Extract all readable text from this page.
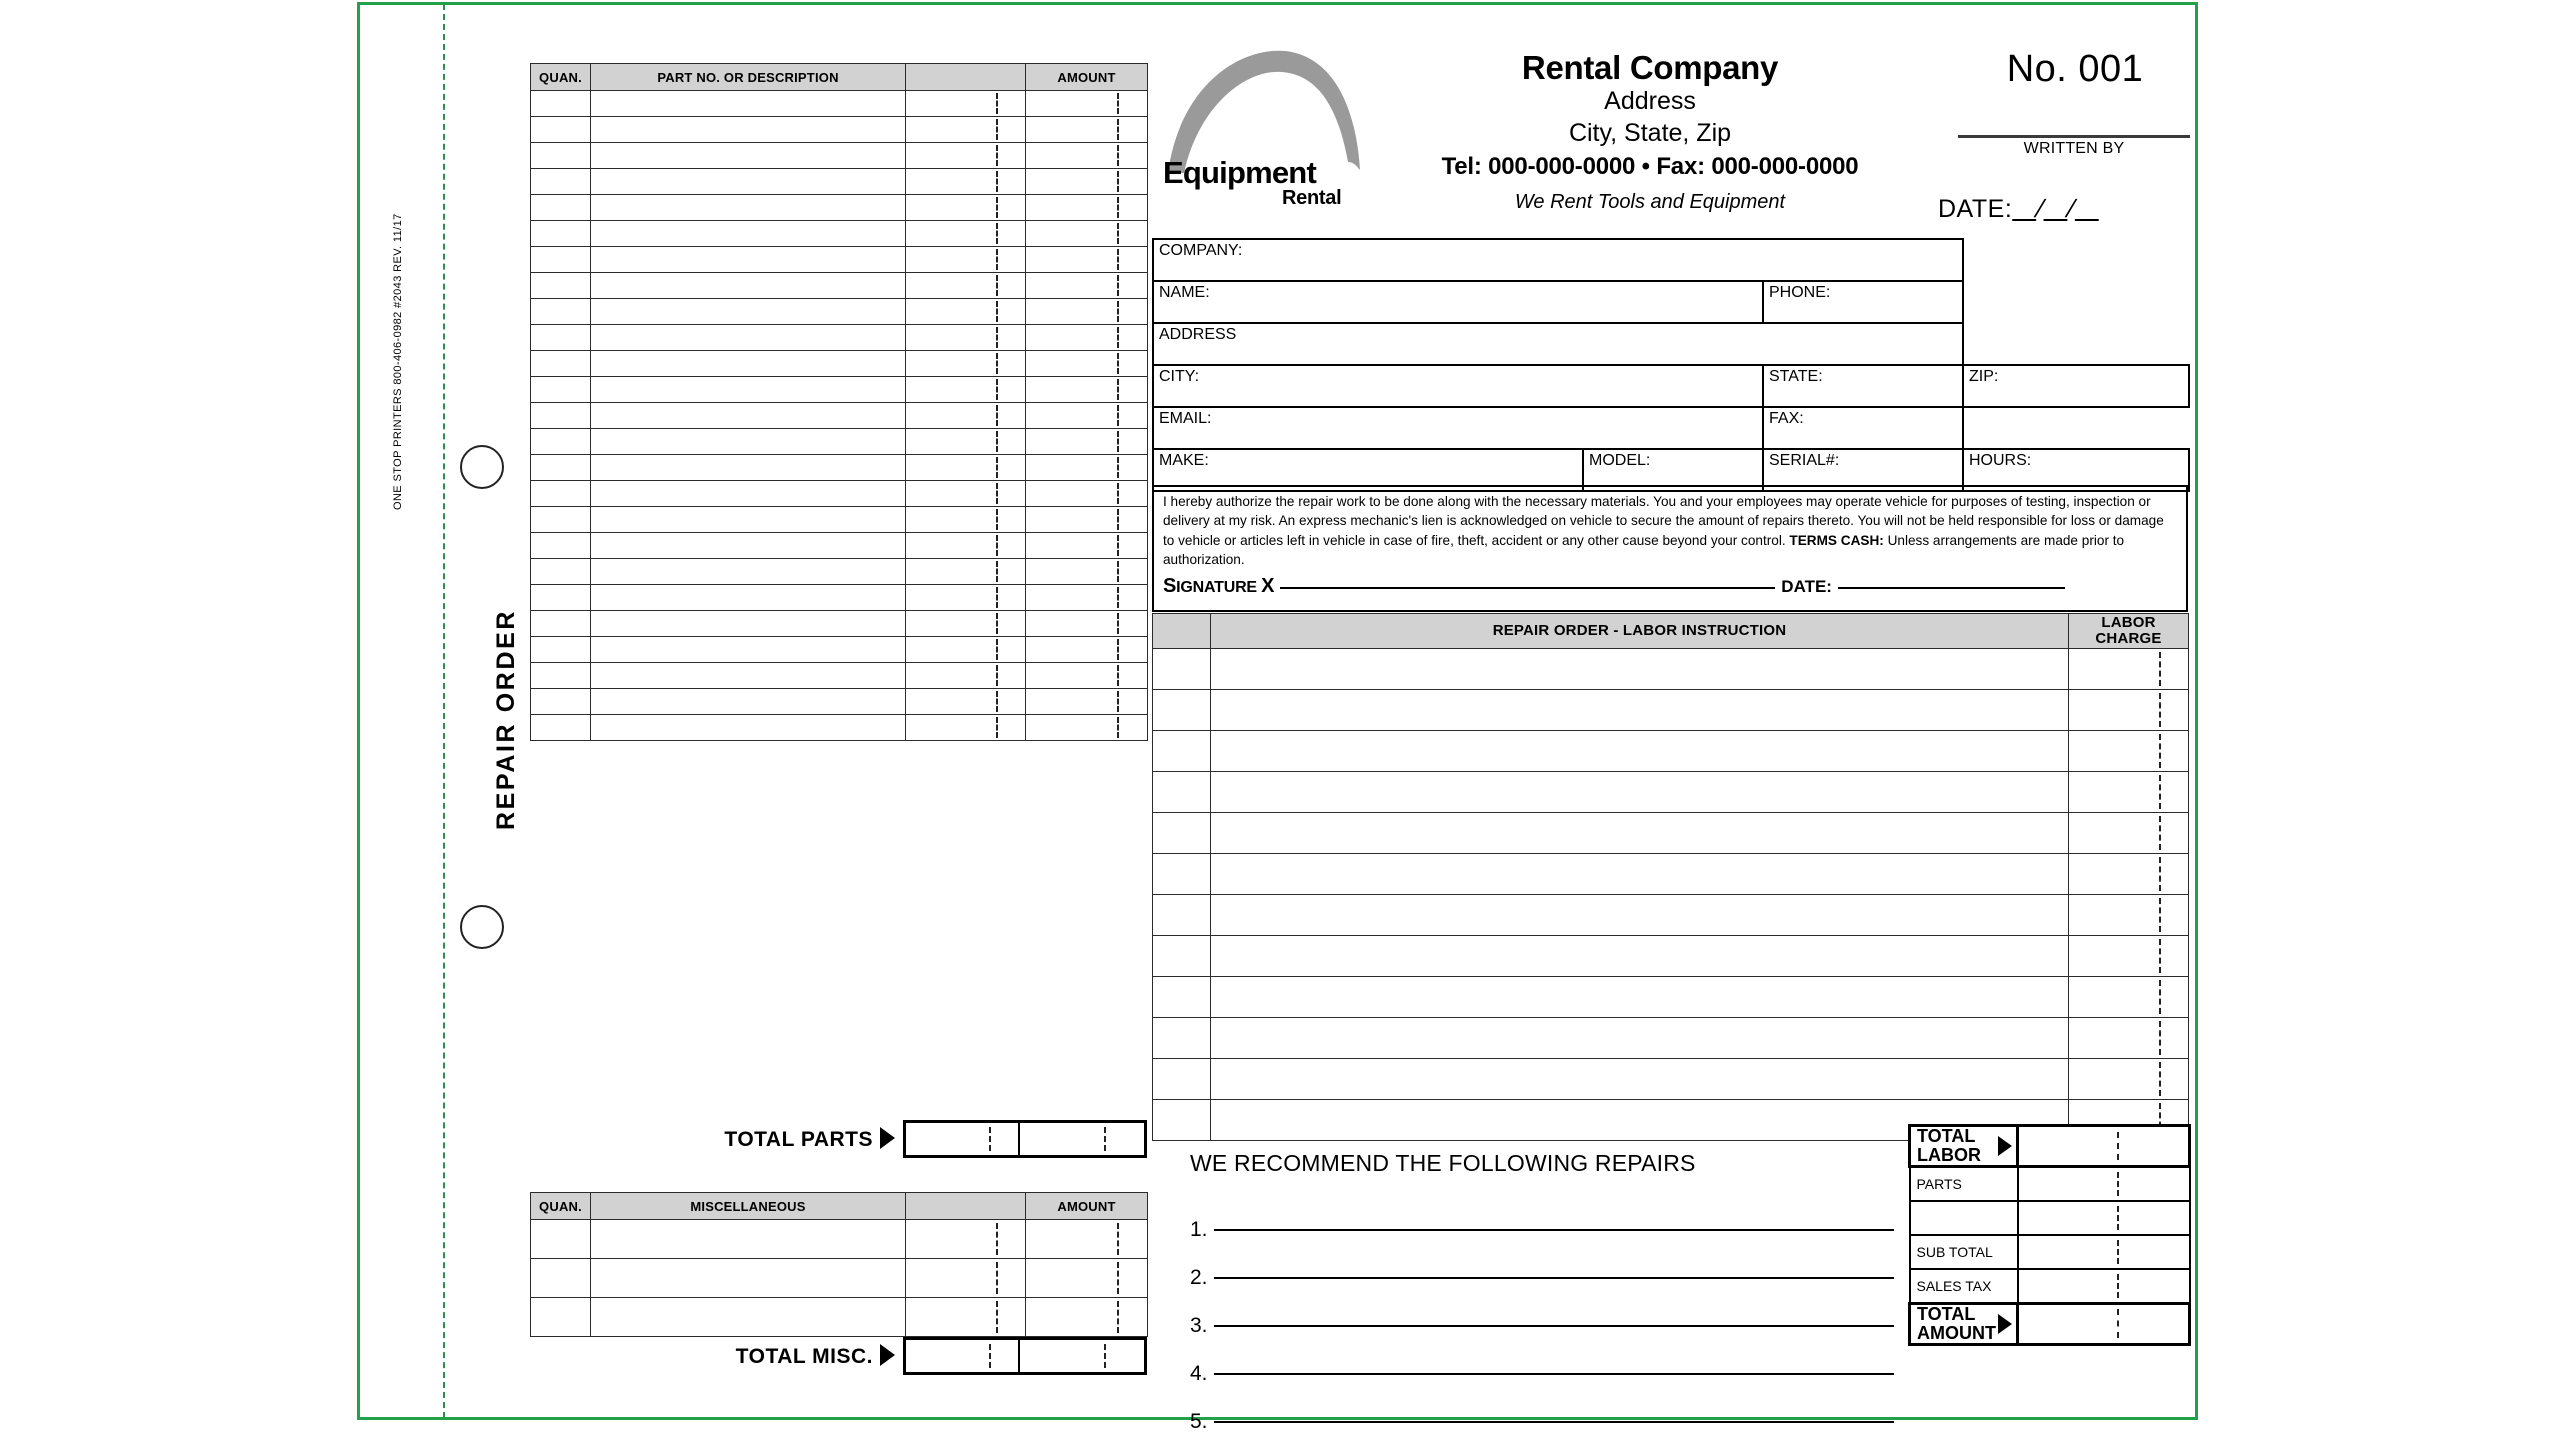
ONE STOP PRINTERS 800-406-0982 #2043 REV. 11/17
REPAIR ORDER
QUAN.	PART NO. OR DESCRIPTION		AMOUNT

TOTAL PARTS
QUAN.	MISCELLANEOUS		AMOUNT

TOTAL MISC.
Equipment
Rental
Rental Company
Address
City, State, Zip
Tel: 000-000-0000 • Fax: 000-000-0000
We Rent Tools and Equipment
No. 001
WRITTEN BY
DATE: / /
COMPANY:			
NAME:		PHONE:	
ADDRESS			
CITY:		STATE:	ZIP:
EMAIL:		FAX:	
MAKE:	MODEL:	SERIAL#:	HOURS:
I hereby authorize the repair work to be done along with the necessary materials. You and your employees may operate vehicle for purposes of testing, inspection or delivery at my risk. An express mechanic's lien is acknowledged on vehicle to secure the amount of repairs thereto. You will not be held responsible for loss or damage to vehicle or articles left in vehicle in case of fire, theft, accident or any other cause beyond your control. TERMS CASH: Unless arrangements are made prior to authorization.
SIGNATURE X	DATE:
	REPAIR ORDER - LABOR INSTRUCTION	LABOR
CHARGE

WE RECOMMEND THE FOLLOWING REPAIRS
1.
2.
3.
4.
5.
TOTAL
LABOR	

PARTS	

SUB TOTAL	

SALES TAX	

TOTAL
AMOUNT	
